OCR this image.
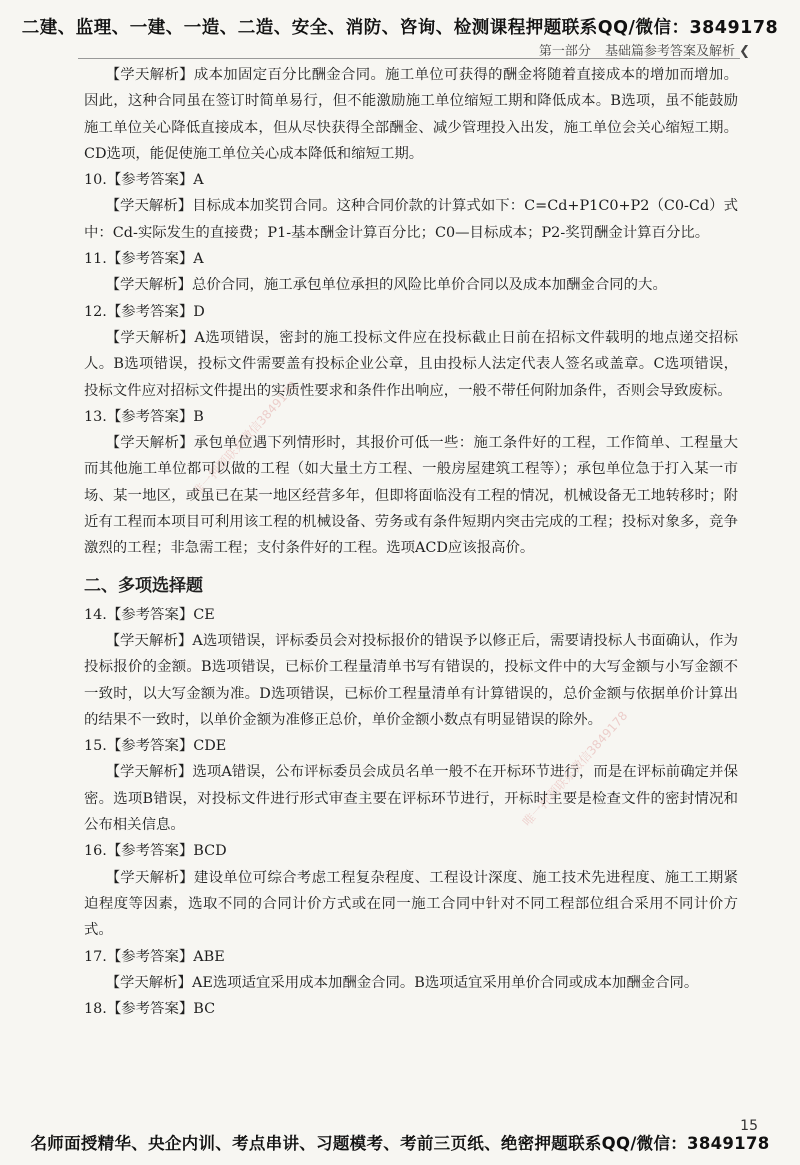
二建、监理、一建、一造、二造、安全、消防、咨询、检测课程押题联系QQ/微信：3849178
第一部分 基础篇参考答案及解析 ❮
唯一押题联系微信3849178
唯一押题联系微信3849178

【学天解析】成本加固定百分比酬金合同。施工单位可获得的酬金将随着直接成本的增加而增加。因此，这种合同虽在签订时简单易行，但不能激励施工单位缩短工期和降低成本。B选项，虽不能鼓励施工单位关心降低直接成本，但从尽快获得全部酬金、减少管理投入出发，施工单位会关心缩短工期。CD选项，能促使施工单位关心成本降低和缩短工期。

10.【参考答案】A

【学天解析】目标成本加奖罚合同。这种合同价款的计算式如下：C=Cd+P1C0+P2（C0-Cd）式中：Cd-实际发生的直接费；P1-基本酬金计算百分比；C0—目标成本；P2-奖罚酬金计算百分比。

11.【参考答案】A

【学天解析】总价合同，施工承包单位承担的风险比单价合同以及成本加酬金合同的大。

12.【参考答案】D

【学天解析】A选项错误，密封的施工投标文件应在投标截止日前在招标文件载明的地点递交招标人。B选项错误，投标文件需要盖有投标企业公章，且由投标人法定代表人签名或盖章。C选项错误，投标文件应对招标文件提出的实质性要求和条件作出响应，一般不带任何附加条件，否则会导致废标。

13.【参考答案】B

【学天解析】承包单位遇下列情形时，其报价可低一些：施工条件好的工程，工作简单、工程量大而其他施工单位都可以做的工程（如大量土方工程、一般房屋建筑工程等）；承包单位急于打入某一市场、某一地区，或虽已在某一地区经营多年，但即将面临没有工程的情况，机械设备无工地转移时；附近有工程而本项目可利用该工程的机械设备、劳务或有条件短期内突击完成的工程；投标对象多，竞争激烈的工程；非急需工程；支付条件好的工程。选项ACD应该报高价。

二、多项选择题

14.【参考答案】CE

【学天解析】A选项错误，评标委员会对投标报价的错误予以修正后，需要请投标人书面确认，作为投标报价的金额。B选项错误，已标价工程量清单书写有错误的，投标文件中的大写金额与小写金额不一致时，以大写金额为准。D选项错误，已标价工程量清单有计算错误的，总价金额与依据单价计算出的结果不一致时，以单价金额为准修正总价，单价金额小数点有明显错误的除外。

15.【参考答案】CDE

【学天解析】选项A错误，公布评标委员会成员名单一般不在开标环节进行，而是在评标前确定并保密。选项B错误，对投标文件进行形式审查主要在评标环节进行，开标时主要是检查文件的密封情况和公布相关信息。

16.【参考答案】BCD

【学天解析】建设单位可综合考虑工程复杂程度、工程设计深度、施工技术先进程度、施工工期紧迫程度等因素，选取不同的合同计价方式或在同一施工合同中针对不同工程部位组合采用不同计价方式。

17.【参考答案】ABE

【学天解析】AE选项适宜采用成本加酬金合同。B选项适宜采用单价合同或成本加酬金合同。

18.【参考答案】BC

15
名师面授精华、央企内训、考点串讲、习题模考、考前三页纸、绝密押题联系QQ/微信：3849178
